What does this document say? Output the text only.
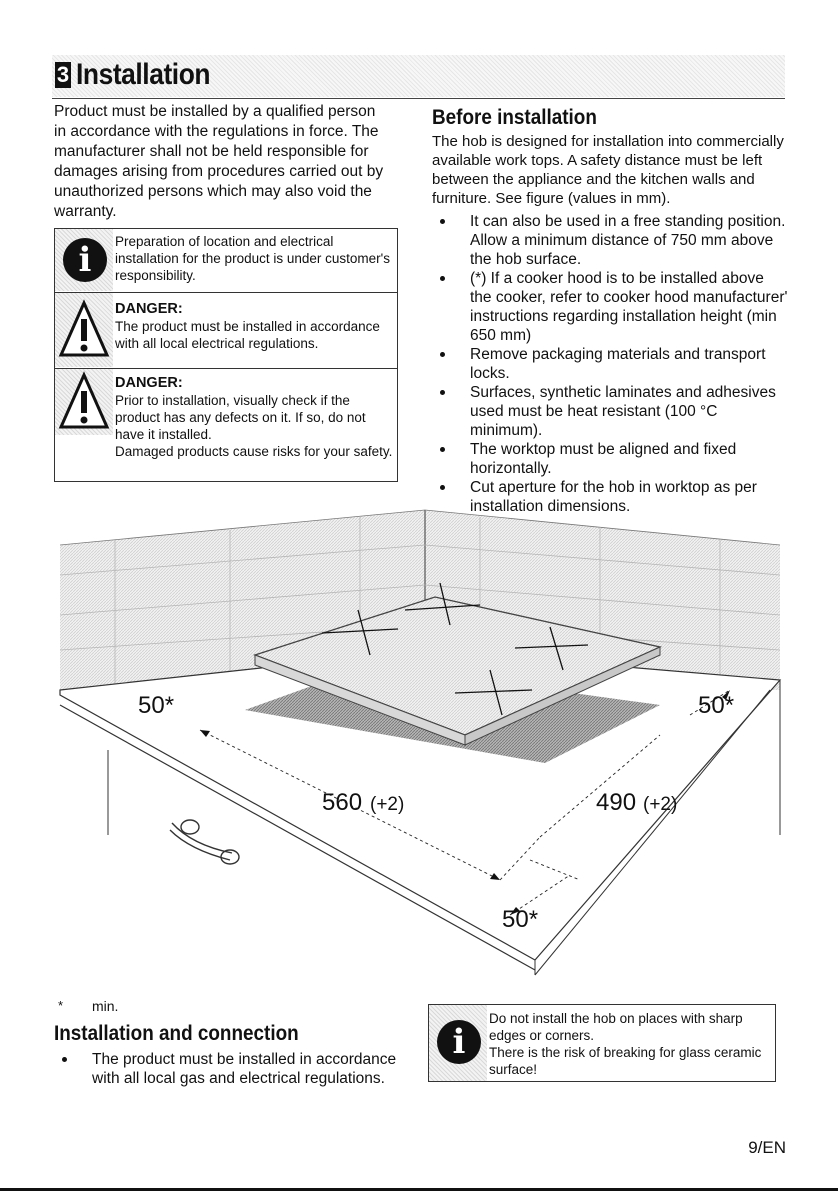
3 Installation

Product must be installed by a qualified person in accordance with the regulations in force. The manufacturer shall not be held responsible for damages arising from procedures carried out by unauthorized persons which may also void the warranty.

i	Preparation of location and electrical installation for the product is under customer's responsibility.
DANGER:
The product must be installed in accordance with all local electrical regulations.
DANGER:
Prior to installation, visually check if the product has any defects on it. If so, do not have it installed.
Damaged products cause risks for your safety.
Before installation

The hob is designed for installation into commercially available work tops. A safety distance must be left between the appliance and the kitchen walls and furniture. See figure (values in mm).

It can also be used in a free standing position. Allow a minimum distance of 750 mm above the hob surface.
(*) If a cooker hood is to be installed above the cooker, refer to cooker hood manufacturer' instructions regarding installation height (min 650 mm)
Remove packaging materials and transport locks.
Surfaces, synthetic laminates and adhesives used must be heat resistant (100 °C minimum).
The worktop must be aligned and fixed horizontally.
Cut aperture for the hob in worktop as per installation dimensions.
50*	50*
50*
560 (+2)	490 (+2)
* min.
Installation and connection
The product must be installed in accordance with all local gas and electrical regulations.
i
Do not install the hob on places with sharp edges or corners.
There is the risk of breaking for glass ceramic surface!
9/EN
